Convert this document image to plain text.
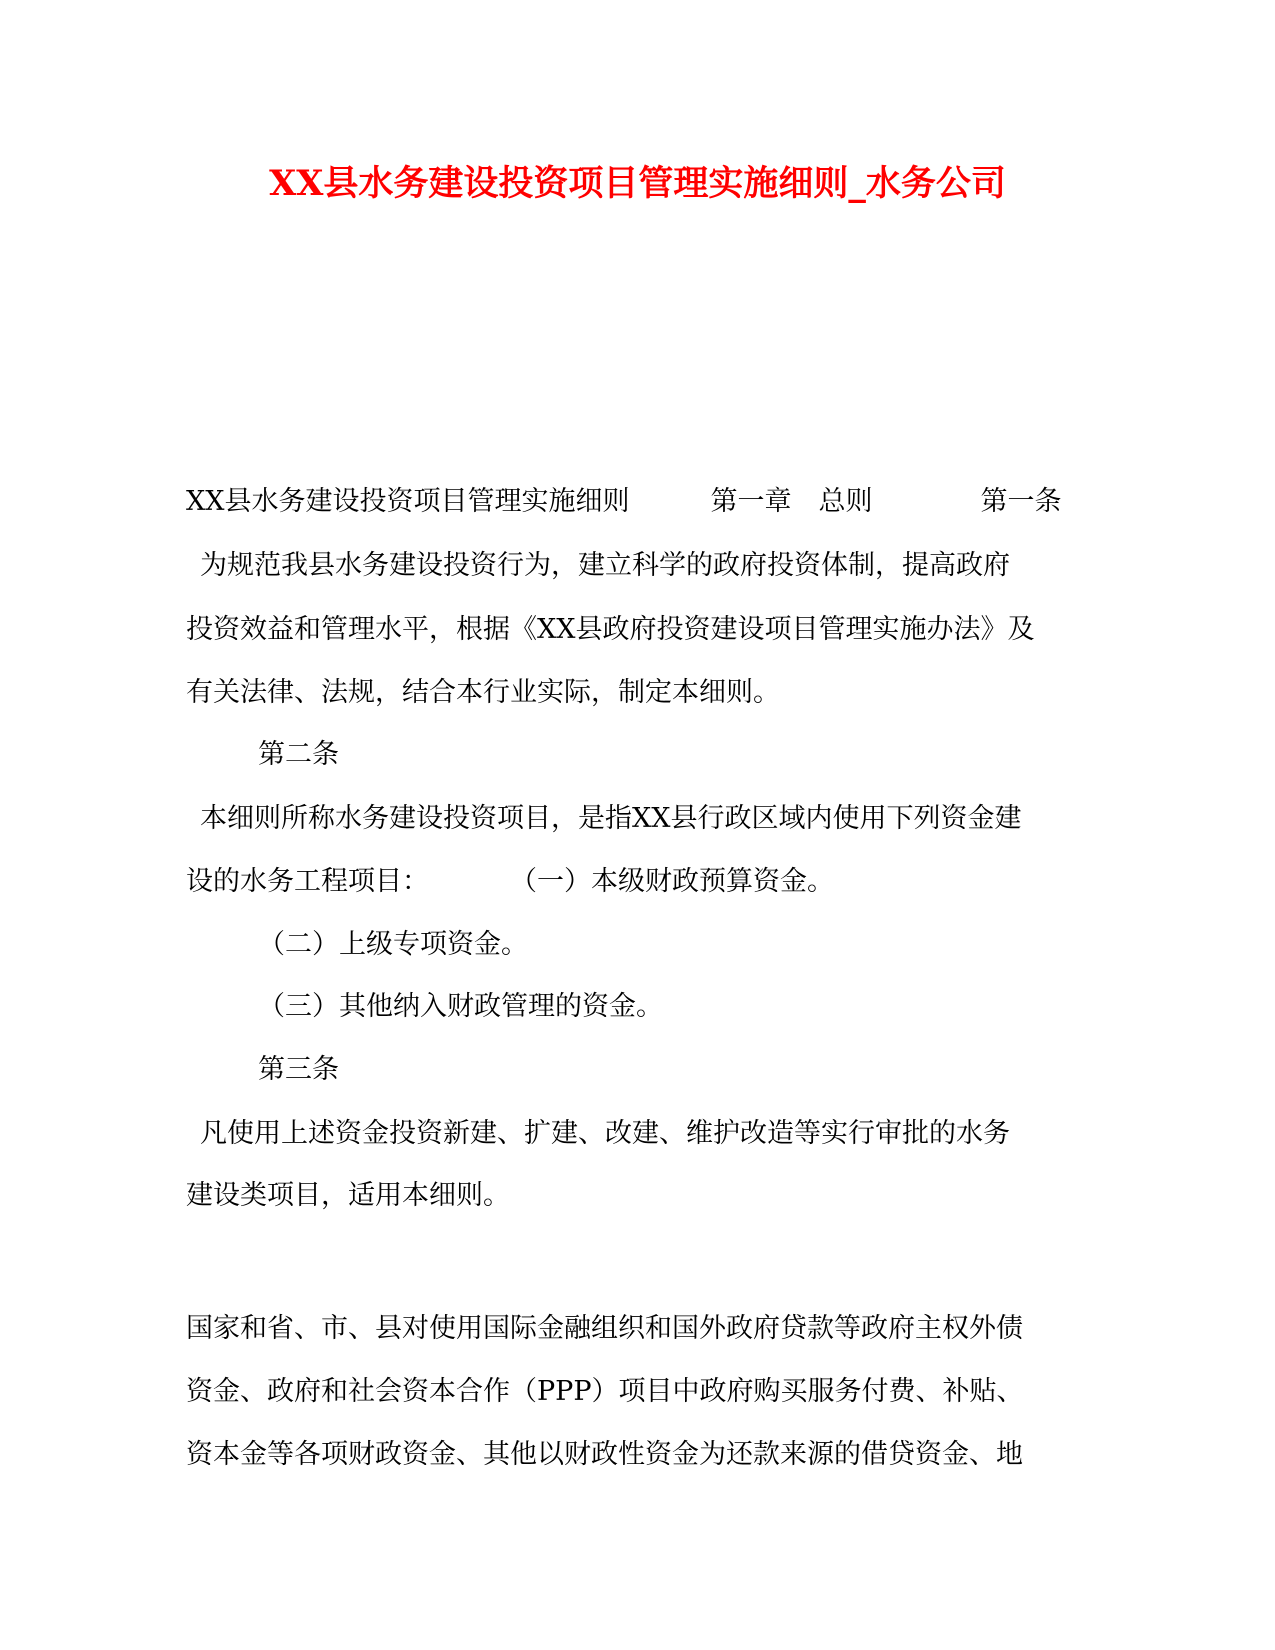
XX县水务建设投资项目管理实施细则_水务公司
XX县水务建设投资项目管理实施细则　　　第一章　总则　　　　第一条
为规范我县水务建设投资行为，建立科学的政府投资体制，提高政府
投资效益和管理水平，根据《XX县政府投资建设项目管理实施办法》及
有关法律、法规，结合本行业实际，制定本细则。
第二条
本细则所称水务建设投资项目，是指XX县行政区域内使用下列资金建
设的水务工程项目：　　　　（一）本级财政预算资金。
（二）上级专项资金。
（三）其他纳入财政管理的资金。
第三条
凡使用上述资金投资新建、扩建、改建、维护改造等实行审批的水务
建设类项目，适用本细则。
国家和省、市、县对使用国际金融组织和国外政府贷款等政府主权外债
资金、政府和社会资本合作（PPP）项目中政府购买服务付费、补贴、
资本金等各项财政资金、其他以财政性资金为还款来源的借贷资金、地
